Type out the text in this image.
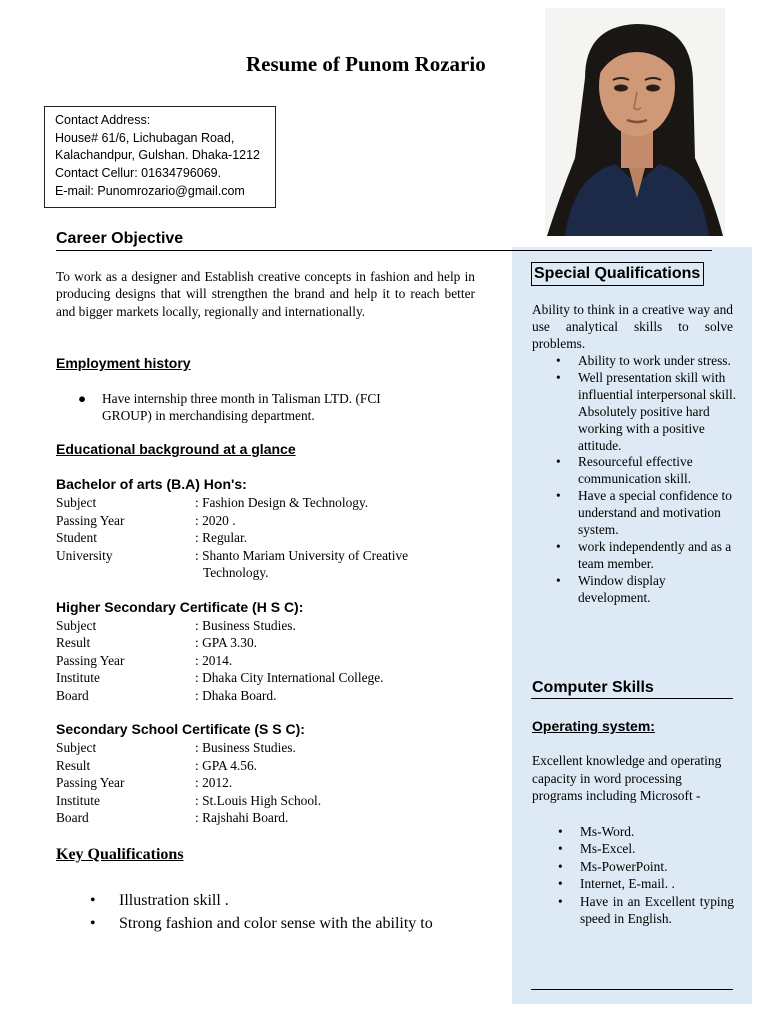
Resume of Punom Rozario
Contact Address:
House# 61/6, Lichubagan Road,
Kalachandpur, Gulshan. Dhaka-1212
Contact Cellur: 01634796069.
E-mail: Punomrozario@gmail.com
Career Objective
To work as a designer and Establish creative concepts in fashion and help in producing designs that will strengthen the brand and help it to reach better and bigger markets locally, regionally and internationally.
Employment history
● Have internship three month in Talisman LTD. (FCI GROUP) in merchandising department.
Educational background at a glance
Bachelor of arts (B.A) Hon's:
Subject	: Fashion Design & Technology.
Passing Year	: 2020 .
Student	: Regular.
University	: Shanto Mariam University of Creative
Technology.
Higher Secondary Certificate (H S C):
Subject	: Business Studies.
Result	: GPA 3.30.
Passing Year	: 2014.
Institute	: Dhaka City International College.
Board	: Dhaka Board.
Secondary School Certificate (S S C):
Subject	: Business Studies.
Result	: GPA 4.56.
Passing Year	: 2012.
Institute	: St.Louis High School.
Board	: Rajshahi Board.
Key Qualifications
• Illustration skill .
• Strong fashion and color sense with the ability to
Special Qualifications
Ability to think in a creative way and use analytical skills to solve problems.
• Ability to work under stress.
• Well presentation skill with influential interpersonal skill. Absolutely positive hard working with a positive attitude.
• Resourceful effective communication skill.
• Have a special confidence to understand and motivation system.
• work independently and as a team member.
• Window display development.
Computer Skills
Operating system:
Excellent knowledge and operating capacity in word processing programs including Microsoft -
• Ms-Word.
• Ms-Excel.
• Ms-PowerPoint.
• Internet, E-mail. .
• Have in an Excellent typing speed in English.
